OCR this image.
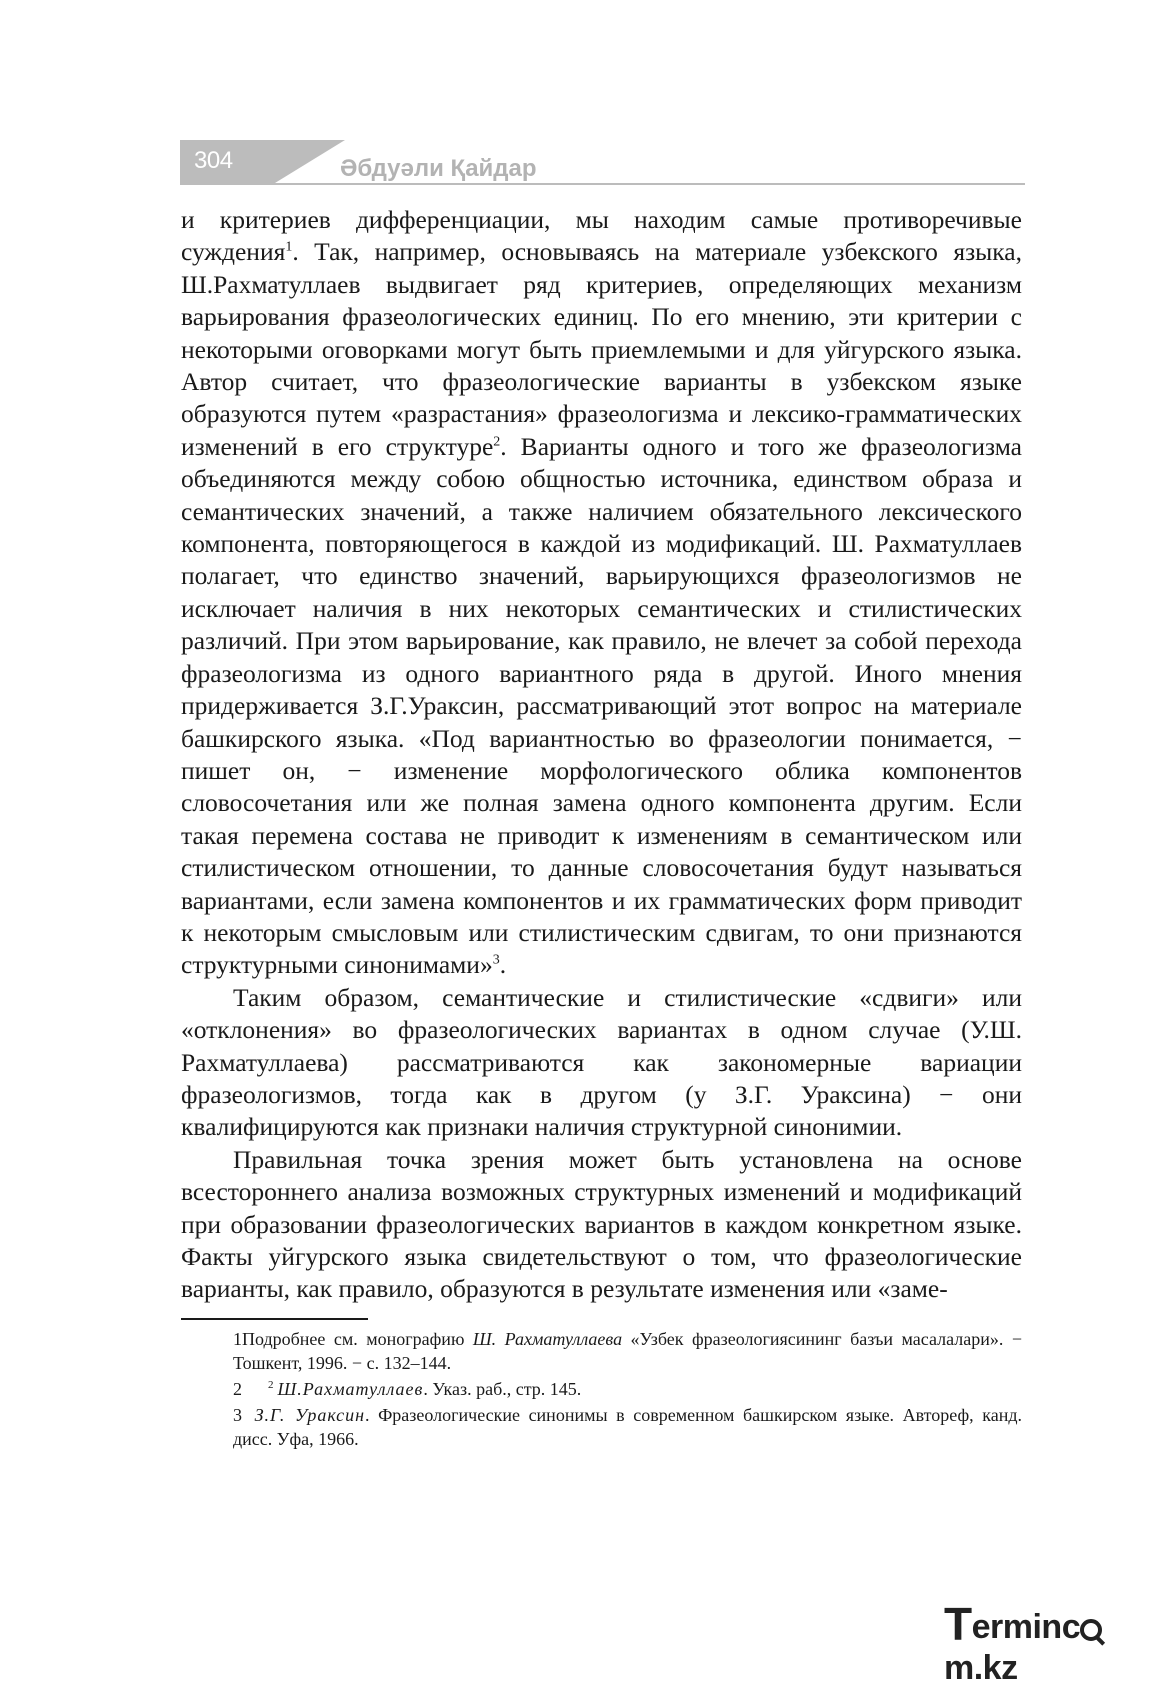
304	Әбдуәли Қайдар

и критериев дифференциации, мы находим самые противоречивые суждения$^1$. Так, например, основываясь на материале узбекского языка, Ш.Рахматуллаев выдвигает ряд критериев, определяющих механизм варьирования фразеологических единиц. По его мнению, эти критерии с некоторыми оговорками могут быть приемлемыми и для уйгурского языка. Автор считает, что фразеологические варианты в узбекском языке образуются путем «разрастания» фразеологизма и лексико-грамматических изменений в его структуре$^2$. Варианты одного и того же фразеологизма объединяются между собою общностью источника, единством образа и семантических значений, а также наличием обязательного лексического компонента, повторяющегося в каждой из модификаций. Ш. Рахматуллаев полагает, что единство значений, варьирующихся фразеологизмов не исключает наличия в них некоторых семантических и стилистических различий. При этом варьирование, как правило, не влечет за собой перехода фразеологизма из одного вариантного ряда в другой. Иного мнения придерживается З.Г.Ураксин, рассматривающий этот вопрос на материале башкирского языка. «Под вариантностью во фразеологии понимается, − пишет он, − изменение морфологического облика компонентов словосочетания или же полная замена одного компонента другим. Если такая перемена состава не приводит к изменениям в семантическом или стилистическом отношении, то данные словосочетания будут называться вариантами, если замена компонентов и их грамматических форм приводит к некоторым смысловым или стилистическим сдвигам, то они признаются структурными синонимами»$^3$.

Таким образом, семантические и стилистические «сдвиги» или «отклонения» во фразеологических вариантах в одном случае (У.Ш. Рахматуллаева) рассматриваются как закономерные вариации фразеологизмов, тогда как в другом (у З.Г. Ураксина) − они квалифицируются как признаки наличия структурной синонимии.

Правильная точка зрения может быть установлена на основе всестороннего анализа возможных структурных изменений и модификаций при образовании фразеологических вариантов в каждом конкретном языке. Факты уйгурского языка свидетельствуют о том, что фразеологические варианты, как правило, образуются в результате изменения или «заме-

1Подробнее см. монографию Ш. Рахматуллаева «Узбек фразеологиясининг базъи масалалари». − Тошкент, 1996. − с. 132–144.

2 $^2$ Ш.Рахматуллаев. Указ. раб., стр. 145.

3 З.Г. Ураксин. Фразеологические синонимы в современном башкирском языке. Автореф, канд. дисс. Уфа, 1966.

Termincm.kz
